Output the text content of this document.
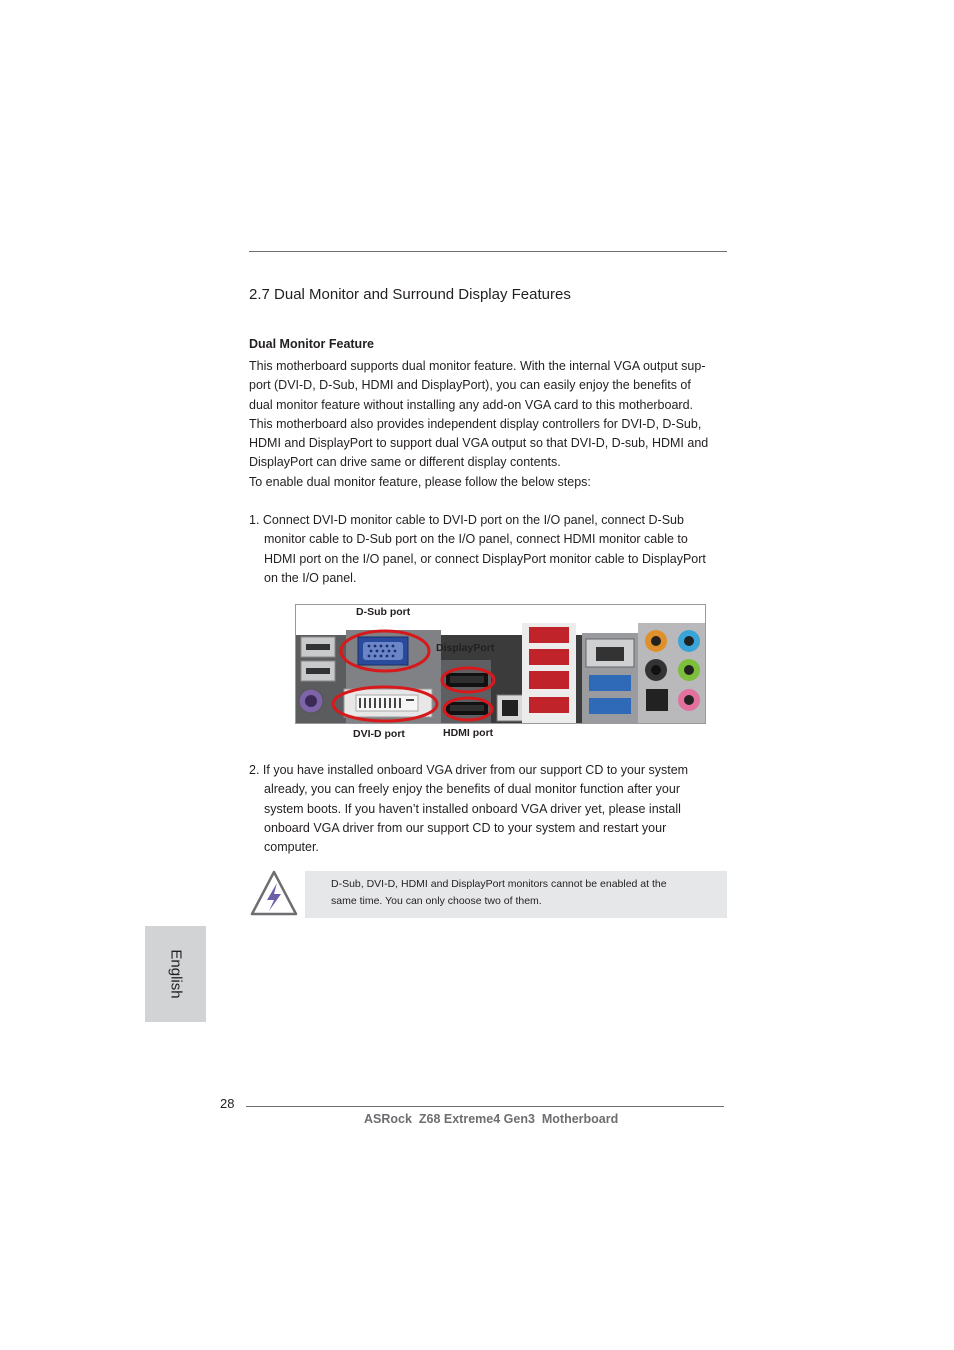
2.7 Dual Monitor and Surround Display Features
Dual Monitor Feature
This motherboard supports dual monitor feature. With the internal VGA output sup-
port (DVI-D, D-Sub, HDMI and DisplayPort), you can easily enjoy the benefits of
dual monitor feature without installing any add-on VGA card to this motherboard.
This motherboard also provides independent display controllers for DVI-D, D-Sub,
HDMI and DisplayPort to support dual VGA output so that DVI-D, D-sub, HDMI and
DisplayPort can drive same or different display contents.
To enable dual monitor feature, please follow the below steps:
1. Connect DVI-D monitor cable to DVI-D port on the I/O panel, connect D-Sub
monitor cable to D-Sub port on the I/O panel, connect HDMI monitor cable to
HDMI port on the I/O panel, or connect DisplayPort monitor cable to DisplayPort
on the I/O panel.
D-Sub port
DisplayPort
DVI-D port	HDMI port
2. If you have installed onboard VGA driver from our support CD to your system
already, you can freely enjoy the benefits of dual monitor function after your
system boots. If you haven’t installed onboard VGA driver yet, please install
onboard VGA driver from our support CD to your system and restart your
computer.
D-Sub, DVI-D, HDMI and DisplayPort monitors cannot be enabled at the
same time. You can only choose two of them.
English
28
ASRock  Z68 Extreme4 Gen3  Motherboard
